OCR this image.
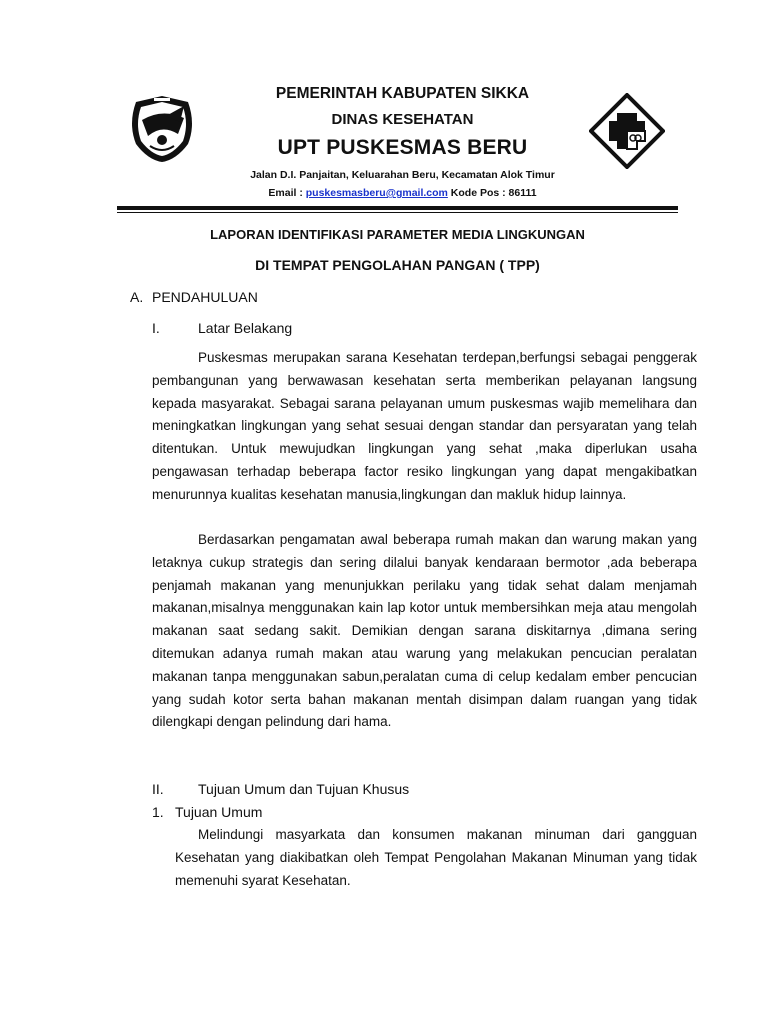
PEMERINTAH KABUPATEN SIKKA
DINAS KESEHATAN
UPT PUSKESMAS BERU
Jalan D.I. Panjaitan, Keluarahan Beru, Kecamatan Alok Timur
Email : puskesmasberu@gmail.com Kode Pos : 86111
LAPORAN IDENTIFIKASI PARAMETER MEDIA LINGKUNGAN
DI TEMPAT PENGOLAHAN PANGAN ( TPP)
A. PENDAHULUAN
I.	Latar Belakang
Puskesmas merupakan sarana Kesehatan terdepan,berfungsi sebagai penggerak pembangunan yang berwawasan kesehatan serta memberikan pelayanan langsung kepada masyarakat. Sebagai sarana pelayanan umum puskesmas wajib memelihara dan meningkatkan lingkungan yang sehat sesuai dengan standar dan persyaratan yang telah ditentukan. Untuk mewujudkan lingkungan yang sehat ,maka diperlukan usaha pengawasan terhadap beberapa factor resiko lingkungan yang dapat mengakibatkan menurunnya kualitas kesehatan manusia,lingkungan dan makluk hidup lainnya.
Berdasarkan pengamatan awal beberapa rumah makan dan warung makan yang letaknya cukup strategis dan sering dilalui banyak kendaraan bermotor ,ada beberapa penjamah makanan yang menunjukkan perilaku yang tidak sehat dalam menjamah makanan,misalnya menggunakan kain lap kotor untuk membersihkan meja atau mengolah makanan saat sedang sakit. Demikian dengan sarana diskitarnya ,dimana sering ditemukan adanya rumah makan atau warung yang melakukan pencucian peralatan makanan tanpa menggunakan sabun,peralatan cuma di celup kedalam ember pencucian yang sudah kotor serta bahan makanan mentah disimpan dalam ruangan yang tidak dilengkapi dengan pelindung dari hama.
II. Tujuan Umum dan Tujuan Khusus
1. Tujuan Umum
Melindungi masyarkata dan konsumen makanan minuman dari gangguan Kesehatan yang diakibatkan oleh Tempat Pengolahan Makanan Minuman yang tidak memenuhi syarat Kesehatan.
